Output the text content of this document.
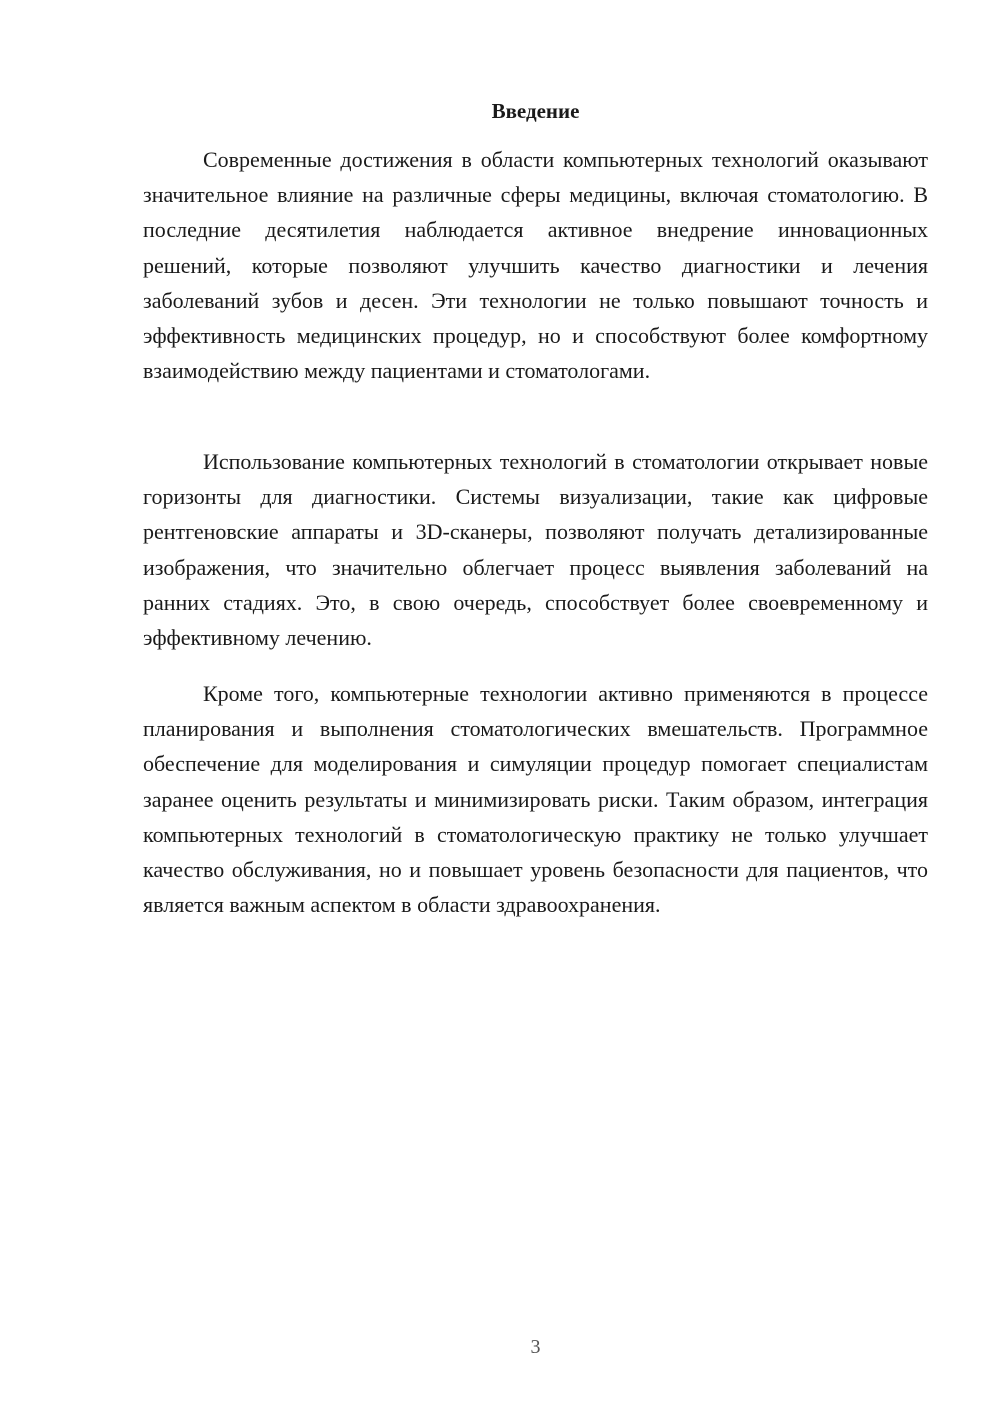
Введение

Современные достижения в области компьютерных технологий оказывают значительное влияние на различные сферы медицины, включая стоматологию. В последние десятилетия наблюдается активное внедрение инновационных решений, которые позволяют улучшить качество диагностики и лечения заболеваний зубов и десен. Эти технологии не только повышают точность и эффективность медицинских процедур, но и способствуют более комфортному взаимодействию между пациентами и стоматологами.

Использование компьютерных технологий в стоматологии открывает новые горизонты для диагностики. Системы визуализации, такие как цифровые рентгеновские аппараты и 3D-сканеры, позволяют получать детализированные изображения, что значительно облегчает процесс выявления заболеваний на ранних стадиях. Это, в свою очередь, способствует более своевременному и эффективному лечению.

Кроме того, компьютерные технологии активно применяются в процессе планирования и выполнения стоматологических вмешательств. Программное обеспечение для моделирования и симуляции процедур помогает специалистам заранее оценить результаты и минимизировать риски. Таким образом, интеграция компьютерных технологий в стоматологическую практику не только улучшает качество обслуживания, но и повышает уровень безопасности для пациентов, что является важным аспектом в области здравоохранения.

3
